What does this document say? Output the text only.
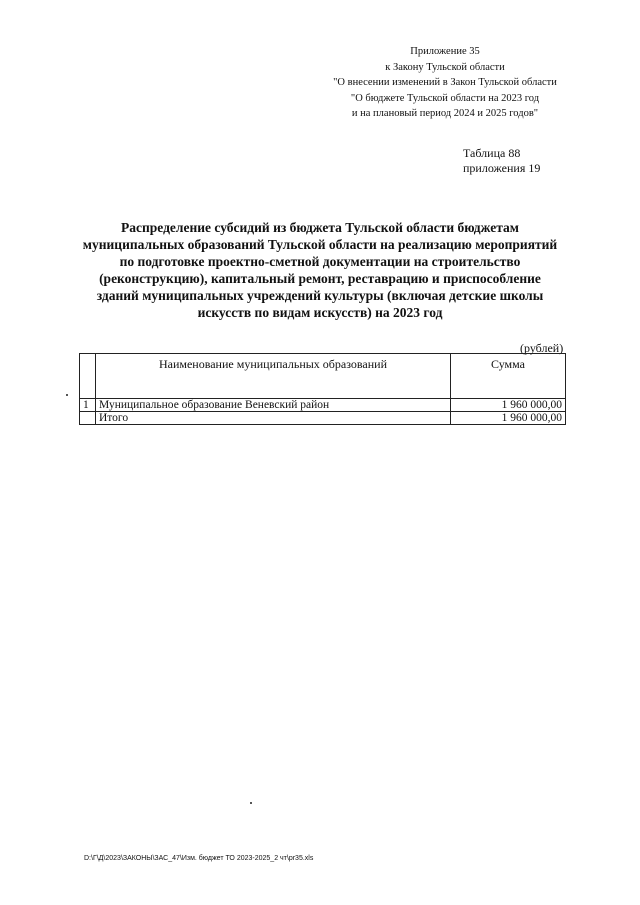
Приложение 35
к Закону Тульской области
"О внесении изменений в Закон Тульской области
"О бюджете Тульской области на 2023 год
и на плановый период 2024 и 2025 годов"
Таблица 88
приложения 19
Распределение субсидий из бюджета Тульской области бюджетам муниципальных образований Тульской области на реализацию мероприятий по подготовке проектно-сметной документации на строительство (реконструкцию), капитальный ремонт, реставрацию и приспособление зданий муниципальных учреждений культуры (включая детские школы искусств по видам искусств) на 2023 год
(рублей)
	Наименование муниципальных образований	Сумма
1	Муниципальное образование Веневский район	1 960 000,00
	Итого	1 960 000,00
D:\Г\Д\2023\ЗАКОНЫ\ЗАС_47\Изм. бюджет ТО 2023-2025_2 чт\pr35.xls
